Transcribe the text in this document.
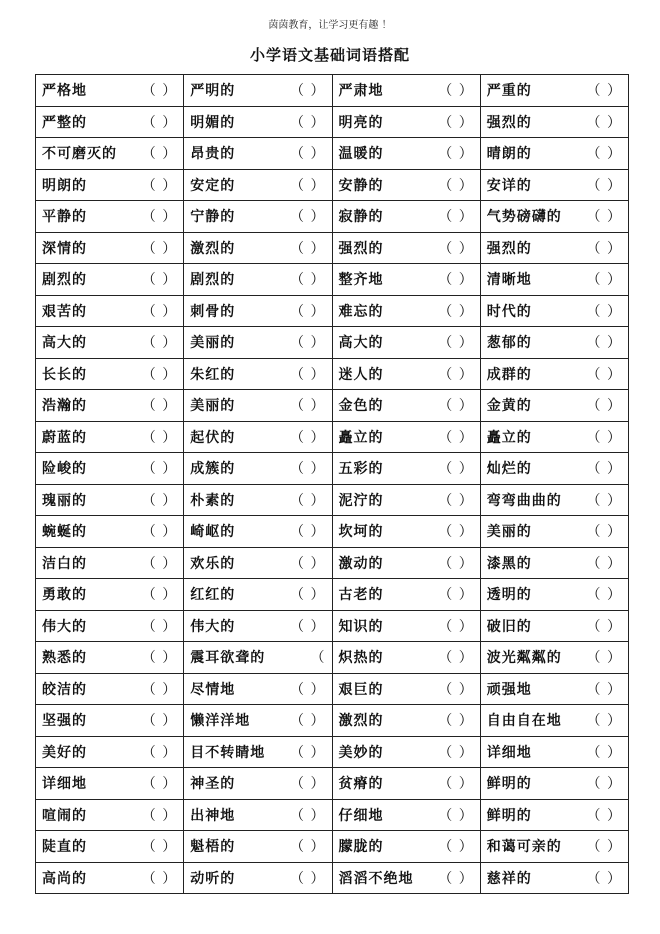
茵茵教育，让学习更有趣 ！
小学语文基础词语搭配
严格地 （ ）	严明的 （ ）	严肃地 （ ）	严重的 （ ）

严整的 （ ）	明媚的 （ ）	明亮的 （ ）	强烈的 （ ）

不可磨灭的 （ ）	昂贵的 （ ）	温暖的 （ ）	晴朗的 （ ）

明朗的 （ ）	安定的 （ ）	安静的 （ ）	安详的 （ ）

平静的 （ ）	宁静的 （ ）	寂静的 （ ）	气势磅礴的 （ ）

深情的 （ ）	激烈的 （ ）	强烈的 （ ）	强烈的 （ ）

剧烈的 （ ）	剧烈的 （ ）	整齐地 （ ）	清晰地 （ ）

艰苦的 （ ）	刺骨的 （ ）	难忘的 （ ）	时代的 （ ）

高大的 （ ）	美丽的 （ ）	高大的 （ ）	葱郁的 （ ）

长长的 （ ）	朱红的 （ ）	迷人的 （ ）	成群的 （ ）

浩瀚的 （ ）	美丽的 （ ）	金色的 （ ）	金黄的 （ ）

蔚蓝的 （ ）	起伏的 （ ）	矗立的 （ ）	矗立的 （ ）

险峻的 （ ）	成簇的 （ ）	五彩的 （ ）	灿烂的 （ ）

瑰丽的 （ ）	朴素的 （ ）	泥泞的 （ ）	弯弯曲曲的 （ ）

蜿蜒的 （ ）	崎岖的 （ ）	坎坷的 （ ）	美丽的 （ ）

洁白的 （ ）	欢乐的 （ ）	激动的 （ ）	漆黑的 （ ）

勇敢的 （ ）	红红的 （ ）	古老的 （ ）	透明的 （ ）

伟大的 （ ）	伟大的 （ ）	知识的 （ ）	破旧的 （ ）

熟悉的 （ ）	震耳欲聋的 （	炽热的 （ ）	波光粼粼的 （ ）

皎洁的 （ ）	尽情地 （ ）	艰巨的 （ ）	顽强地 （ ）

坚强的 （ ）	懒洋洋地 （ ）	激烈的 （ ）	自由自在地 （ ）

美好的 （ ）	目不转睛地 （ ）	美妙的 （ ）	详细地 （ ）

详细地 （ ）	神圣的 （ ）	贫瘠的 （ ）	鲜明的 （ ）

喧闹的 （ ）	出神地 （ ）	仔细地 （ ）	鲜明的 （ ）

陡直的 （ ）	魁梧的 （ ）	朦胧的 （ ）	和蔼可亲的 （ ）

高尚的 （ ）	动听的 （ ）	滔滔不绝地 （ ）	慈祥的 （ ）
